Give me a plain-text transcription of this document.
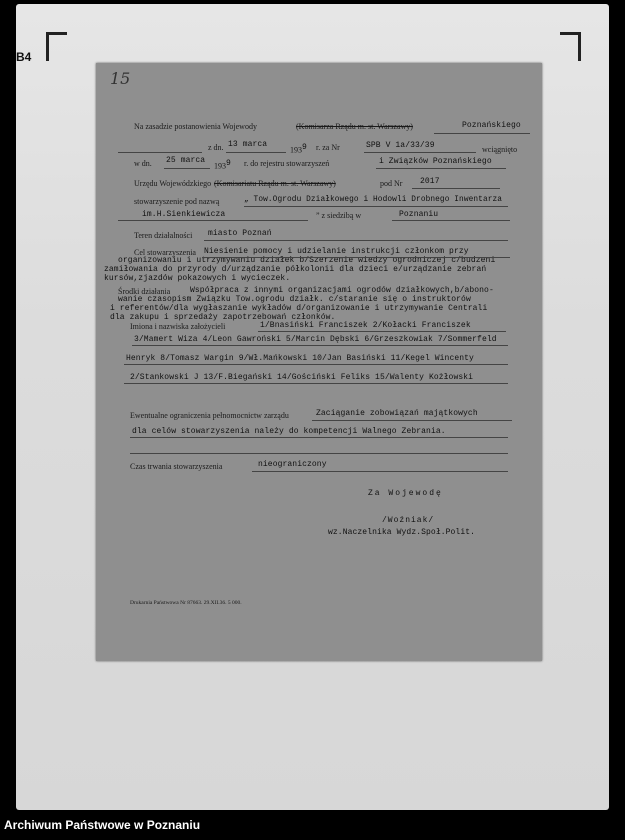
B4
15
Na zasadzie postanowienia Wojewody	(Komisarza Rządu m. st. Warszawy)	Poznańskiego
z dn. 13 marca
$193^9$ r. za Nr	SPB V 1a/33/39	wciągnięto
w dn. 25 marca
$193^9$ r. do rejestru stowarzyszeń	i Związków Poznańskiego
Urzędu Wojewódzkiego (Komisariatu Rządu m. st. Warszawy)	pod Nr 2017
stowarzyszenie pod nazwą	„ Tow.Ogrodu Działkowego i Hodowli Drobnego Inwentarza
im.H.Sienkiewicza	” z siedzibą w	Poznaniu
Teren działalności miasto Poznań
Cel stowarzyszenia Niesienie pomocy i udzielanie instrukcji członkom przy
organizowaniu i utrzymywaniu działek b/Szerzenie wiedzy ogrodniczej c/budzeni
zamiłowania do przyrody d/urządzanie półkolonii dla dzieci e/urządzanie zebrań
kursów,zjazdów pokazowych i wycieczek.
Środki działania Współpraca z innymi organizacjami ogrodów działkowych,b/abono-
wanie czasopism Związku Tow.ogrodu działk. c/staranie się o instruktorów
i referentów/dla wygłaszanie wykładów d/organizowanie i utrzymywanie Centrali
dla zakupu i sprzedaży zapotrzebowań członków.
Imiona i nazwiska założycieli	1/Bnasiński Franciszek 2/Kołacki Franciszek
3/Mamert Wiza 4/Leon Gawroński 5/Marcin Dębski 6/Grzeszkowiak 7/Sommerfeld
Henryk 8/Tomasz Wargin 9/Wł.Mańkowski 10/Jan Basiński 11/Kegel Wincenty
2/Stankowski J 13/F.Biegański 14/Gościński Feliks 15/Walenty Kożłowski
Ewentualne ograniczenia pełnomocnictw zarządu	Zaciąganie zobowiązań majątkowych
dla celów stowarzyszenia należy do kompetencji Walnego Zebrania.
Czas trwania stowarzyszenia	nieograniczony
Za Wojewodę
/Woźniak/
wz.Naczelnika Wydz.Społ.Polit.
Drukarnia Państwowa Nr 87663. 29.XII.36. 5 000.
Archiwum Państwowe w Poznaniu
